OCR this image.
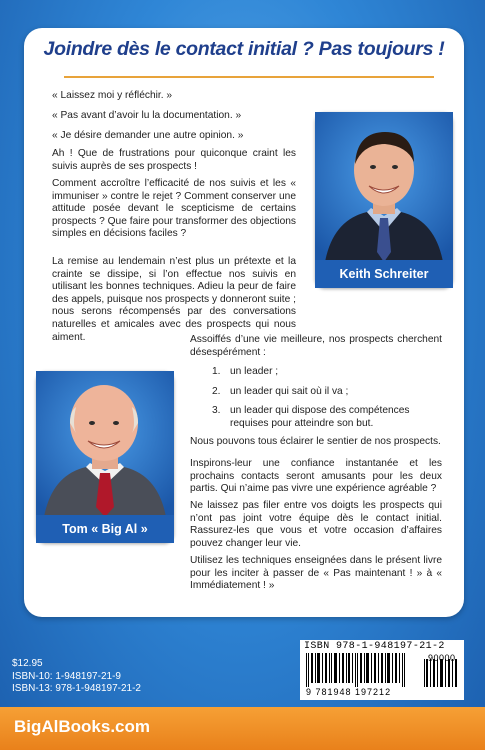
Joindre dès le contact initial ? Pas toujours !

« Laissez moi y réfléchir. »

« Pas avant d’avoir lu la documentation. »

« Je désire demander une autre opinion. »

Ah ! Que de frustrations pour quiconque craint les suivis auprès de ses prospects !

Comment accroître l’efficacité de nos suivis et les « immuniser » contre le rejet ? Comment conserver une attitude posée devant le scepticisme de certains prospects ? Que faire pour transformer des objections simples en décisions faciles ?

La remise au lendemain n’est plus un prétexte et la crainte se dissipe, si l’on effectue nos suivis en utilisant les bonnes techniques. Adieu la peur de faire des appels, puisque nos prospects y donneront suite ; nous serons récompensés par des conversations naturelles et amicales avec des prospects qui nous aiment.

Keith Schreiter
Tom « Big Al » Schreiter

Assoiffés d’une vie meilleure, nos prospects cherchent désespérément :

1. un leader ;
2. un leader qui sait où il va ;
3. un leader qui dispose des compétences requises pour atteindre son but.

Nous pouvons tous éclairer le sentier de nos prospects.

Inspirons-leur une confiance instantanée et les prochains contacts seront amusants pour les deux partis. Qui n’aime pas vivre une expérience agréable ?

Ne laissez pas filer entre vos doigts les prospects qui n’ont pas joint votre équipe dès le contact initial. Rassurez-les que vous et votre occasion d’affaires pouvez changer leur vie.

Utilisez les techniques enseignées dans le présent livre pour les inciter à passer de « Pas maintenant ! » à « Immédiatement ! »

$12.95
ISBN-10: 1-948197-21-9
ISBN-13: 978-1-948197-21-2
ISBN 978-1-948197-21-2
90000
9 781948 197212
BigAlBooks.com
